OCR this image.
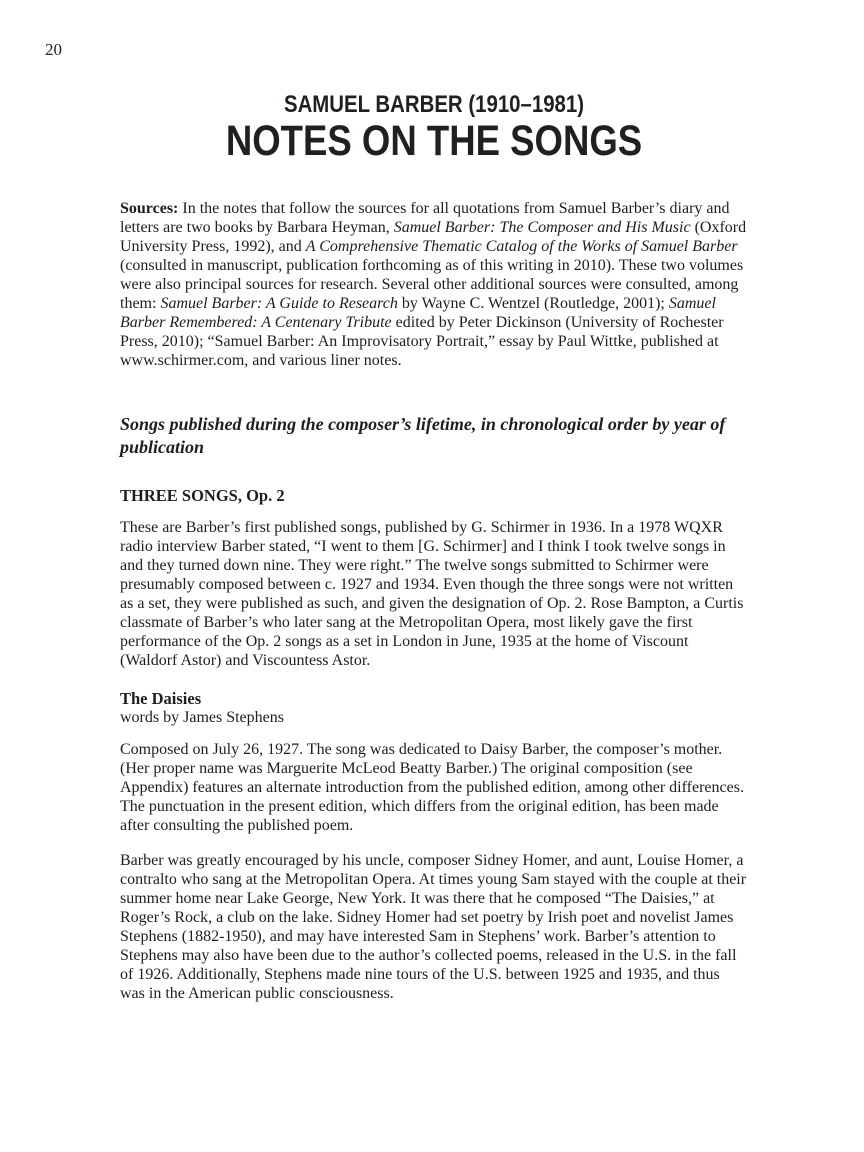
20
SAMUEL BARBER (1910–1981)
NOTES ON THE SONGS

Sources: In the notes that follow the sources for all quotations from Samuel Barber’s diary and letters are two books by Barbara Heyman, Samuel Barber: The Composer and His Music (Oxford University Press, 1992), and A Comprehensive Thematic Catalog of the Works of Samuel Barber (consulted in manuscript, publication forthcoming as of this writing in 2010). These two volumes were also principal sources for research. Several other additional sources were consulted, among them: Samuel Barber: A Guide to Research by Wayne C. Wentzel (Routledge, 2001); Samuel Barber Remembered: A Centenary Tribute edited by Peter Dickinson (University of Rochester Press, 2010); “Samuel Barber: An Improvisatory Portrait,” essay by Paul Wittke, published at www.schirmer.com, and various liner notes.

Songs published during the composer’s lifetime, in chronological order by year of publication
THREE SONGS, Op. 2

These are Barber’s first published songs, published by G. Schirmer in 1936. In a 1978 WQXR radio interview Barber stated, “I went to them [G. Schirmer] and I think I took twelve songs in and they turned down nine. They were right.” The twelve songs submitted to Schirmer were presumably composed between c. 1927 and 1934. Even though the three songs were not written as a set, they were published as such, and given the designation of Op. 2. Rose Bampton, a Curtis classmate of Barber’s who later sang at the Metropolitan Opera, most likely gave the first performance of the Op. 2 songs as a set in London in June, 1935 at the home of Viscount (Waldorf Astor) and Viscountess Astor.

The Daisies
words by James Stephens

Composed on July 26, 1927. The song was dedicated to Daisy Barber, the composer’s mother. (Her proper name was Marguerite McLeod Beatty Barber.) The original composition (see Appendix) features an alternate introduction from the published edition, among other differences. The punctuation in the present edition, which differs from the original edition, has been made after consulting the published poem.

Barber was greatly encouraged by his uncle, composer Sidney Homer, and aunt, Louise Homer, a contralto who sang at the Metropolitan Opera. At times young Sam stayed with the couple at their summer home near Lake George, New York. It was there that he composed “The Daisies,” at Roger’s Rock, a club on the lake. Sidney Homer had set poetry by Irish poet and novelist James Stephens (1882-1950), and may have interested Sam in Stephens’ work. Barber’s attention to Stephens may also have been due to the author’s collected poems, released in the U.S. in the fall of 1926. Additionally, Stephens made nine tours of the U.S. between 1925 and 1935, and thus was in the American public consciousness.
